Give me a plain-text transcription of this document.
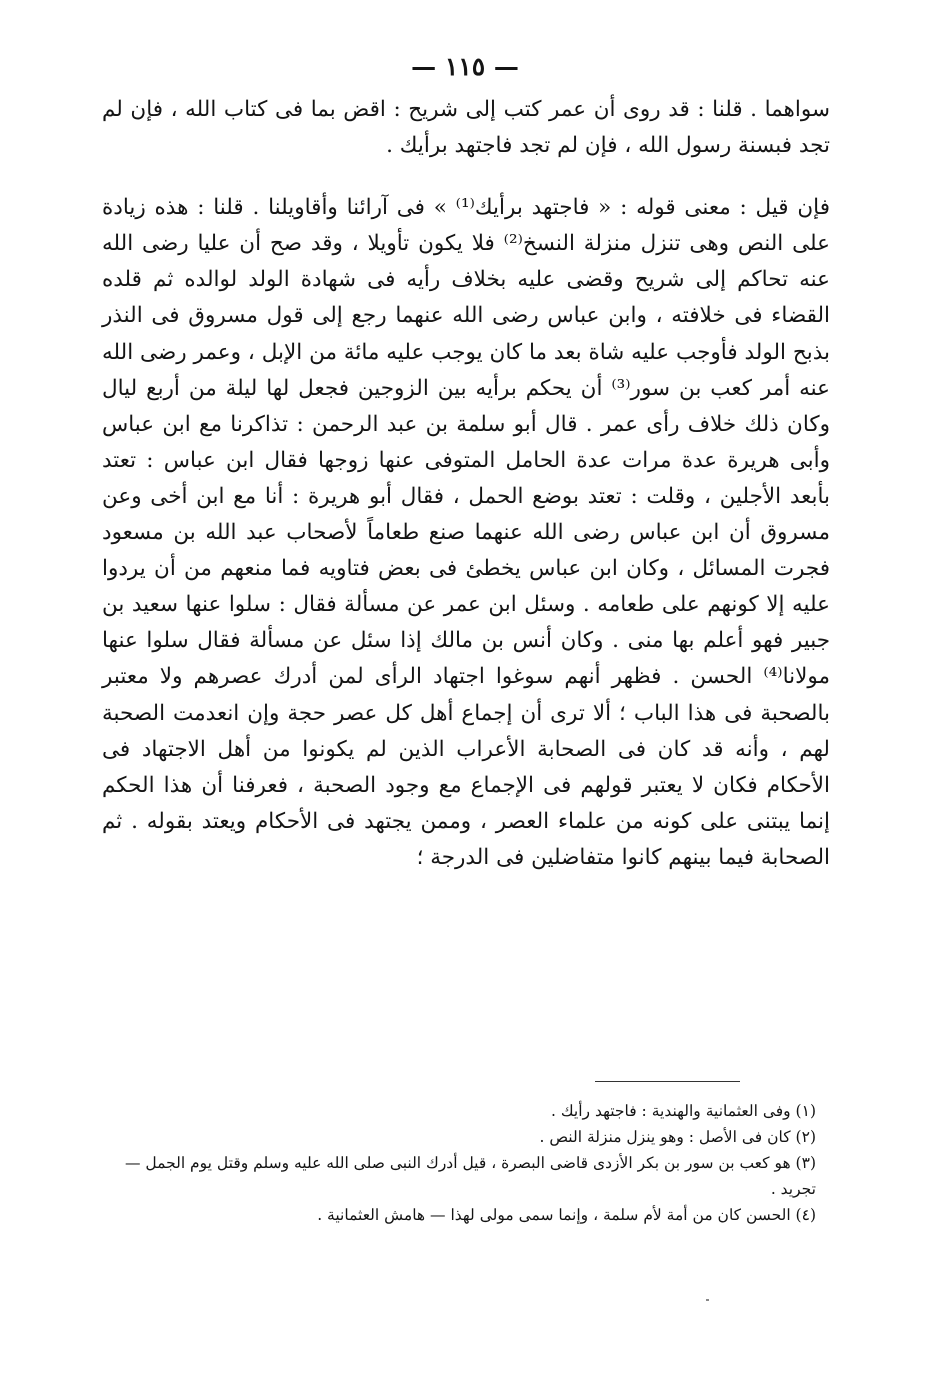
— ١١٥ —

سواهما . قلنا : قد روى أن عمر كتب إلى شريح : اقض بما فى كتاب الله ، فإن لم تجد فبسنة رسول الله ، فإن لم تجد فاجتهد برأيك .

فإن قيل : معنى قوله : « فاجتهد برأيك⁽¹⁾ » فى آرائنا وأقاويلنا . قلنا : هذه زيادة على النص وهى تنزل منزلة النسخ⁽²⁾ فلا يكون تأويلا ، وقد صح أن عليا رضى الله عنه تحاكم إلى شريح وقضى عليه بخلاف رأيه فى شهادة الولد لوالده ثم قلده القضاء فى خلافته ، وابن عباس رضى الله عنهما رجع إلى قول مسروق فى النذر بذبح الولد فأوجب عليه شاة بعد ما كان يوجب عليه مائة من الإبل ، وعمر رضى الله عنه أمر كعب بن سور⁽³⁾ أن يحكم برأيه بين الزوجين فجعل لها ليلة من أربع ليال وكان ذلك خلاف رأى عمر . قال أبو سلمة بن عبد الرحمن : تذاكرنا مع ابن عباس وأبى هريرة عدة مرات عدة الحامل المتوفى عنها زوجها فقال ابن عباس : تعتد بأبعد الأجلين ، وقلت : تعتد بوضع الحمل ، فقال أبو هريرة : أنا مع ابن أخى وعن مسروق أن ابن عباس رضى الله عنهما صنع طعاماً لأصحاب عبد الله بن مسعود فجرت المسائل ، وكان ابن عباس يخطئ فى بعض فتاويه فما منعهم من أن يردوا عليه إلا كونهم على طعامه . وسئل ابن عمر عن مسألة فقال : سلوا عنها سعيد بن جبير فهو أعلم بها منى . وكان أنس بن مالك إذا سئل عن مسألة فقال سلوا عنها مولانا⁽⁴⁾ الحسن . فظهر أنهم سوغوا اجتهاد الرأى لمن أدرك عصرهم ولا معتبر بالصحبة فى هذا الباب ؛ ألا ترى أن إجماع أهل كل عصر حجة وإن انعدمت الصحبة لهم ، وأنه قد كان فى الصحابة الأعراب الذين لم يكونوا من أهل الاجتهاد فى الأحكام فكان لا يعتبر قولهم فى الإجماع مع وجود الصحبة ، فعرفنا أن هذا الحكم إنما يبتنى على كونه من علماء العصر ، وممن يجتهد فى الأحكام ويعتد بقوله . ثم الصحابة فيما بينهم كانوا متفاضلين فى الدرجة ؛

(١) وفى العثمانية والهندية : فاجتهد رأيك .

(٢) كان فى الأصل : وهو ينزل منزلة النص .

(٣) هو كعب بن سور بن بكر الأزدى قاضى البصرة ، قيل أدرك النبى صلى الله عليه وسلم وقتل يوم الجمل — تجريد .

(٤) الحسن كان من أمة لأم سلمة ، وإنما سمى مولى لهذا — هامش العثمانية .
